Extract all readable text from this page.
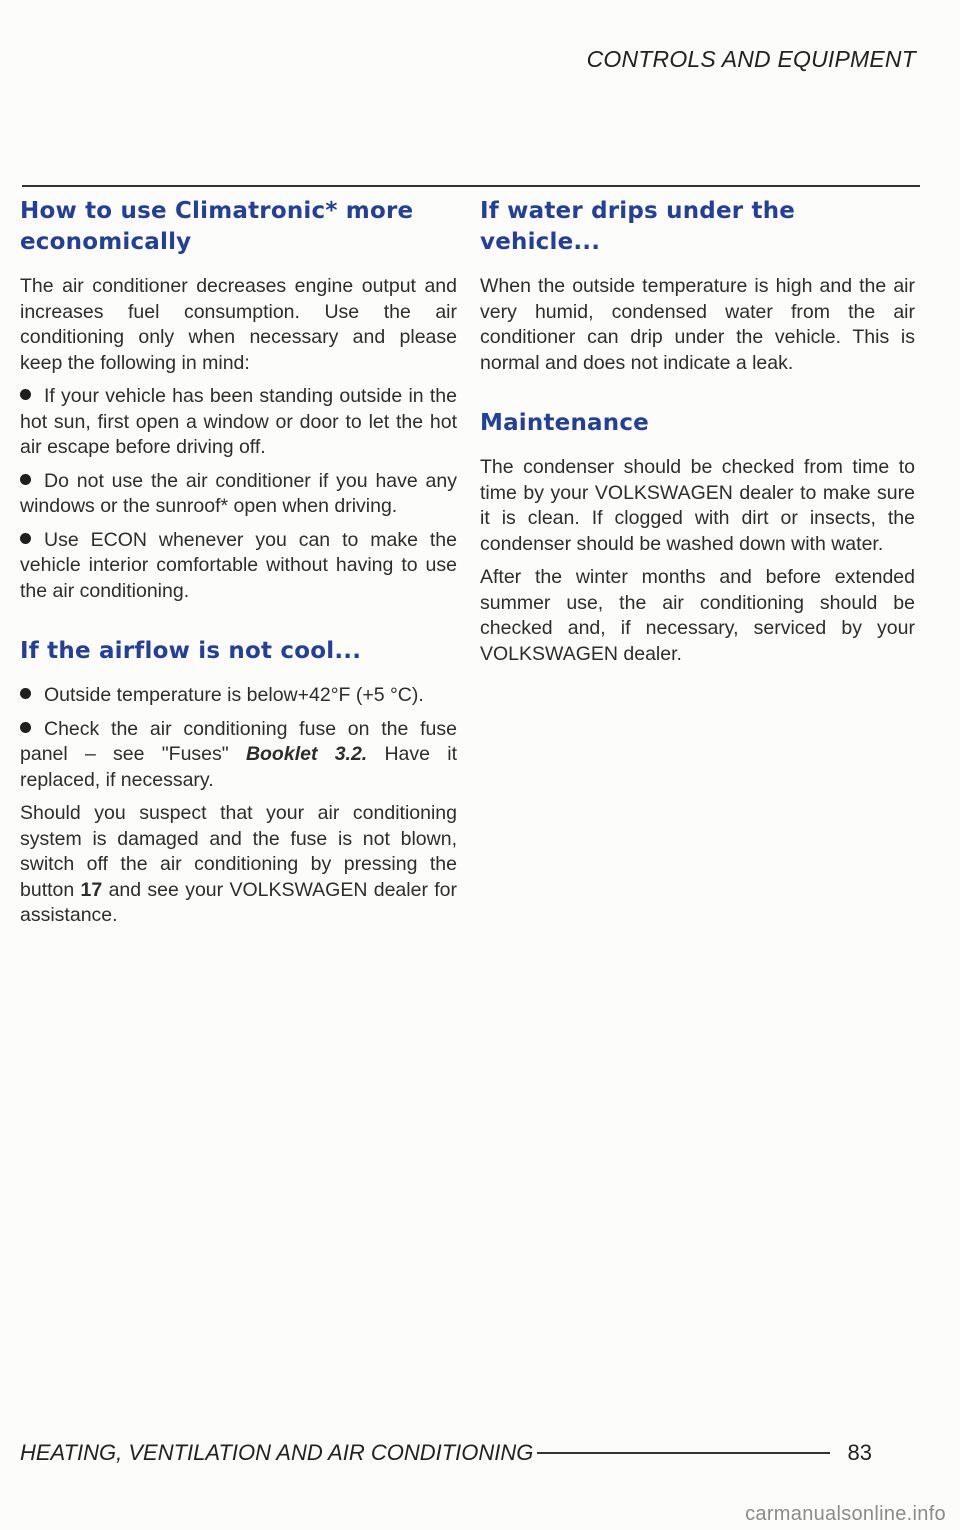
CONTROLS AND EQUIPMENT
How to use Climatronic* more economically

The air conditioner decreases engine output and increases fuel consumption. Use the air conditioning only when necessary and please keep the following in mind:

If your vehicle has been standing outside in the hot sun, first open a window or door to let the hot air escape before driving off.

Do not use the air conditioner if you have any windows or the sunroof* open when driving.

Use ECON whenever you can to make the vehicle interior comfortable without having to use the air conditioning.

If the airflow is not cool...

Outside temperature is below+42°F (+5 °C).

Check the air conditioning fuse on the fuse panel – see "Fuses" Booklet 3.2. Have it replaced, if necessary.

Should you suspect that your air conditioning system is damaged and the fuse is not blown, switch off the air conditioning by pressing the button 17 and see your VOLKSWAGEN dealer for assistance.

If water drips under the vehicle...

When the outside temperature is high and the air very humid, condensed water from the air conditioner can drip under the vehicle. This is normal and does not indicate a leak.

Maintenance

The condenser should be checked from time to time by your VOLKSWAGEN dealer to make sure it is clean. If clogged with dirt or insects, the condenser should be washed down with water.

After the winter months and before extended summer use, the air conditioning should be checked and, if necessary, serviced by your VOLKSWAGEN dealer.

HEATING, VENTILATION AND AIR CONDITIONING	83
carmanualsonline.info
